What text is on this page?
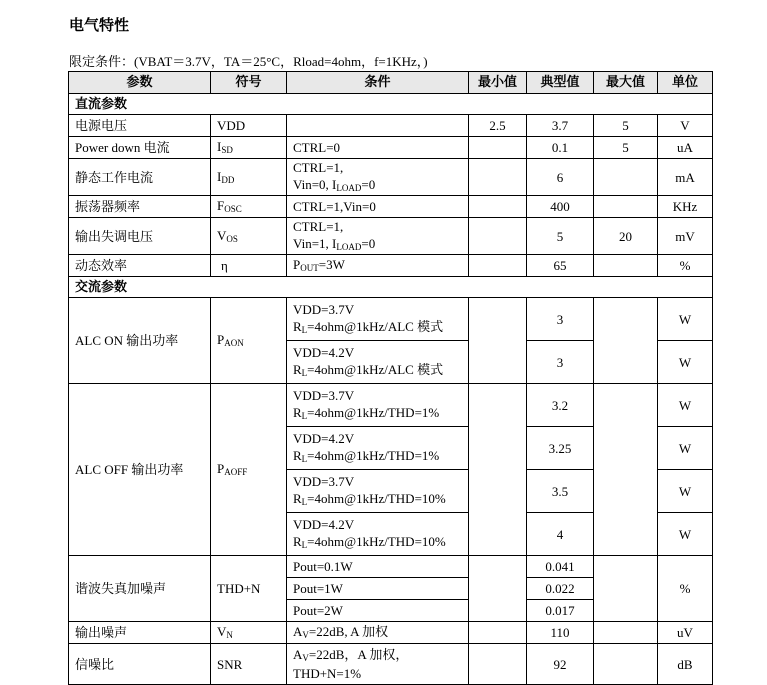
电气特性
限定条件：(VBAT＝3.7V，TA＝25°C，Rload=4ohm，f=1KHz，)
参数	符号	条件	最小值	典型值	最大值	单位
直流参数						
电源电压	VDD		2.5	3.7	5	V
Power down 电流	$I_{SD}$	CTRL=0		0.1	5	uA
静态工作电流	$I_{DD}$	CTRL=1,
Vin=0, $I_{LOAD}=0$		6		mA
振荡器频率	$F_{OSC}$	CTRL=1,Vin=0		400		KHz
输出失调电压	$V_{OS}$	CTRL=1,
Vin=1, $I_{LOAD}=0$		5	20	mV
动态效率	η	$P_{OUT}=3W$		65		%
交流参数						
ALC ON 输出功率	$P_{AON}$	VDD=3.7V
$R_L=4ohm@1kHz$/ALC 模式		3		W

		VDD=4.2V
$R_L=4ohm@1kHz$/ALC 模式		3		W
ALC OFF 输出功率	$P_{AOFF}$	VDD=3.7V
$R_L=4ohm@1kHz/THD=1\%$		3.2		W

		VDD=4.2V
$R_L=4ohm@1kHz/THD=1\%$		3.25		W

		VDD=3.7V
$R_L=4ohm@1kHz/THD=10\%$		3.5		W

		VDD=4.2V
$R_L=4ohm@1kHz/THD=10\%$		4		W
谐波失真加噪声	THD+N	Pout=0.1W		0.041		%
		Pout=1W		0.022		
		Pout=2W		0.017		
输出噪声	$V_N$	$A_V=22dB$, A 加权		110		uV
信噪比	SNR	$A_V=22dB$，A 加权，
THD+N=1%		92		dB
